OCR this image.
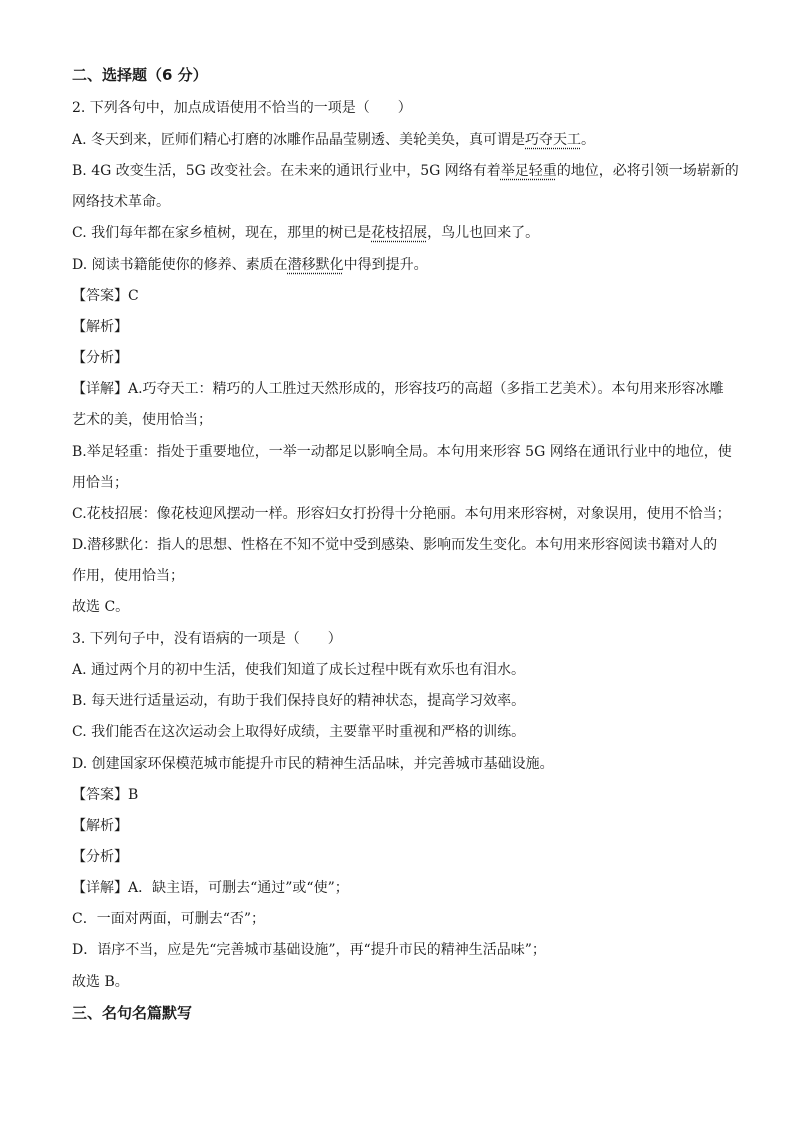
二、选择题（6 分）
2. 下列各句中，加点成语使用不恰当的一项是（　　）
A. 冬天到来，匠师们精心打磨的冰雕作品晶莹剔透、美轮美奂，真可谓是巧夺天工。
B. 4G 改变生活，5G 改变社会。在未来的通讯行业中，5G 网络有着举足轻重的地位，必将引领一场崭新的
网络技术革命。
C. 我们每年都在家乡植树，现在，那里的树已是花枝招展，鸟儿也回来了。
D. 阅读书籍能使你的修养、素质在潜移默化中得到提升。
【答案】C
【解析】
【分析】
【详解】A.巧夺天工：精巧的人工胜过天然形成的，形容技巧的高超（多指工艺美术）。本句用来形容冰雕
艺术的美，使用恰当；
B.举足轻重：指处于重要地位，一举一动都足以影响全局。本句用来形容 5G 网络在通讯行业中的地位，使
用恰当；
C.花枝招展：像花枝迎风摆动一样。形容妇女打扮得十分艳丽。本句用来形容树，对象误用，使用不恰当；
D.潜移默化：指人的思想、性格在不知不觉中受到感染、影响而发生变化。本句用来形容阅读书籍对人的
作用，使用恰当；
故选 C。
3. 下列句子中，没有语病的一项是（　　）
A. 通过两个月的初中生活，使我们知道了成长过程中既有欢乐也有泪水。
B. 每天进行适量运动，有助于我们保持良好的精神状态，提高学习效率。
C. 我们能否在这次运动会上取得好成绩，主要靠平时重视和严格的训练。
D. 创建国家环保模范城市能提升市民的精神生活品味，并完善城市基础设施。
【答案】B
【解析】
【分析】
【详解】A．缺主语，可删去“通过”或“使”；
C．一面对两面，可删去“否”；
D．语序不当，应是先“完善城市基础设施”，再“提升市民的精神生活品味”；
故选 B。
三、名句名篇默写
